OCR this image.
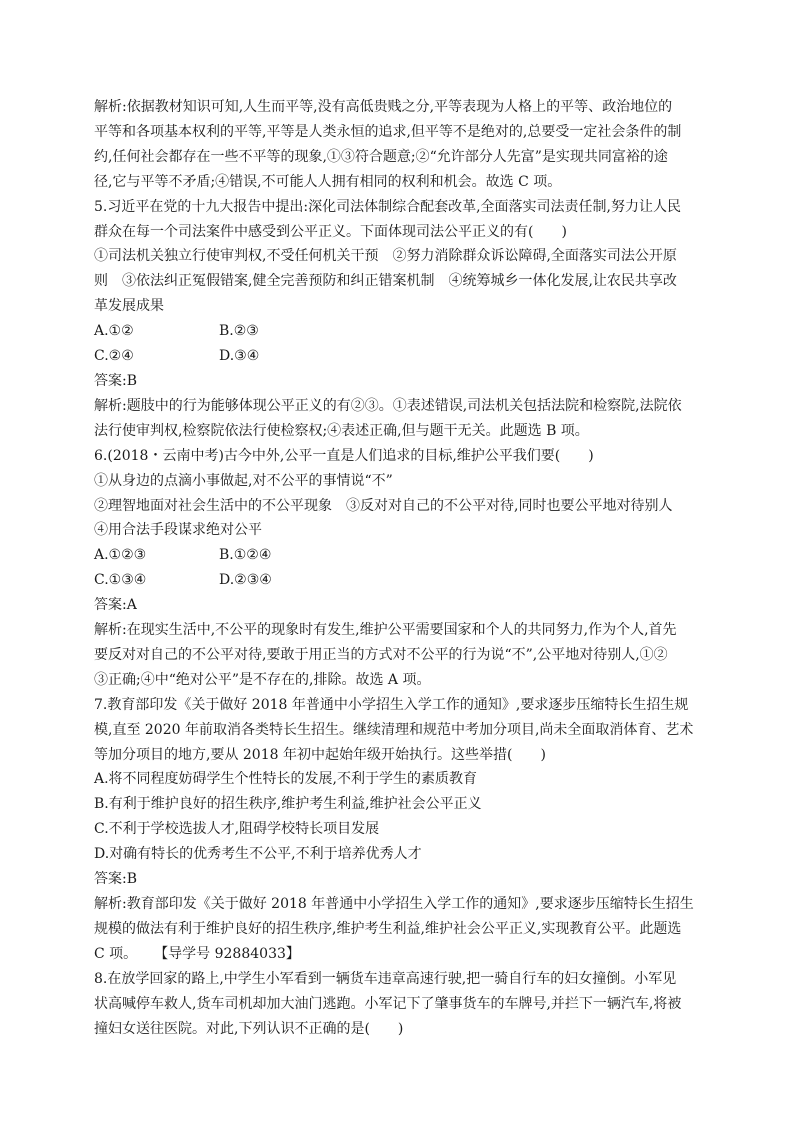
解析:依据教材知识可知,人生而平等,没有高低贵贱之分,平等表现为人格上的平等、政治地位的
平等和各项基本权利的平等,平等是人类永恒的追求,但平等不是绝对的,总要受一定社会条件的制
约,任何社会都存在一些不平等的现象,①③符合题意;②“允许部分人先富”是实现共同富裕的途
径,它与平等不矛盾;④错误,不可能人人拥有相同的权利和机会。故选 C 项。
5.习近平在党的十九大报告中提出:深化司法体制综合配套改革,全面落实司法责任制,努力让人民
群众在每一个司法案件中感受到公平正义。下面体现司法公平正义的有(　　)
①司法机关独立行使审判权,不受任何机关干预　②努力消除群众诉讼障碍,全面落实司法公开原
则　③依法纠正冤假错案,健全完善预防和纠正错案机制　④统筹城乡一体化发展,让农民共享改
革发展成果
A.①②	B.②③
C.②④	D.③④
答案:B
解析:题肢中的行为能够体现公平正义的有②③。①表述错误,司法机关包括法院和检察院,法院依
法行使审判权,检察院依法行使检察权;④表述正确,但与题干无关。此题选 B 项。
6.(2018・云南中考)古今中外,公平一直是人们追求的目标,维护公平我们要(　　)
①从身边的点滴小事做起,对不公平的事情说“不”
②理智地面对社会生活中的不公平现象　③反对对自己的不公平对待,同时也要公平地对待别人
④用合法手段谋求绝对公平
A.①②③	B.①②④
C.①③④	D.②③④
答案:A
解析:在现实生活中,不公平的现象时有发生,维护公平需要国家和个人的共同努力,作为个人,首先
要反对对自己的不公平对待,要敢于用正当的方式对不公平的行为说“不”,公平地对待别人,①②
③正确;④中“绝对公平”是不存在的,排除。故选 A 项。
7.教育部印发《关于做好 2018 年普通中小学招生入学工作的通知》,要求逐步压缩特长生招生规
模,直至 2020 年前取消各类特长生招生。继续清理和规范中考加分项目,尚未全面取消体育、艺术
等加分项目的地方,要从 2018 年初中起始年级开始执行。这些举措(　　)
A.将不同程度妨碍学生个性特长的发展,不利于学生的素质教育
B.有利于维护良好的招生秩序,维护考生利益,维护社会公平正义
C.不利于学校选拔人才,阻碍学校特长项目发展
D.对确有特长的优秀考生不公平,不利于培养优秀人才
答案:B
解析:教育部印发《关于做好 2018 年普通中小学招生入学工作的通知》,要求逐步压缩特长生招生
规模的做法有利于维护良好的招生秩序,维护考生利益,维护社会公平正义,实现教育公平。此题选
C 项。 【导学号 92884033】
8.在放学回家的路上,中学生小军看到一辆货车违章高速行驶,把一骑自行车的妇女撞倒。小军见
状高喊停车救人,货车司机却加大油门逃跑。小军记下了肇事货车的车牌号,并拦下一辆汽车,将被
撞妇女送往医院。对此,下列认识不正确的是(　　)
